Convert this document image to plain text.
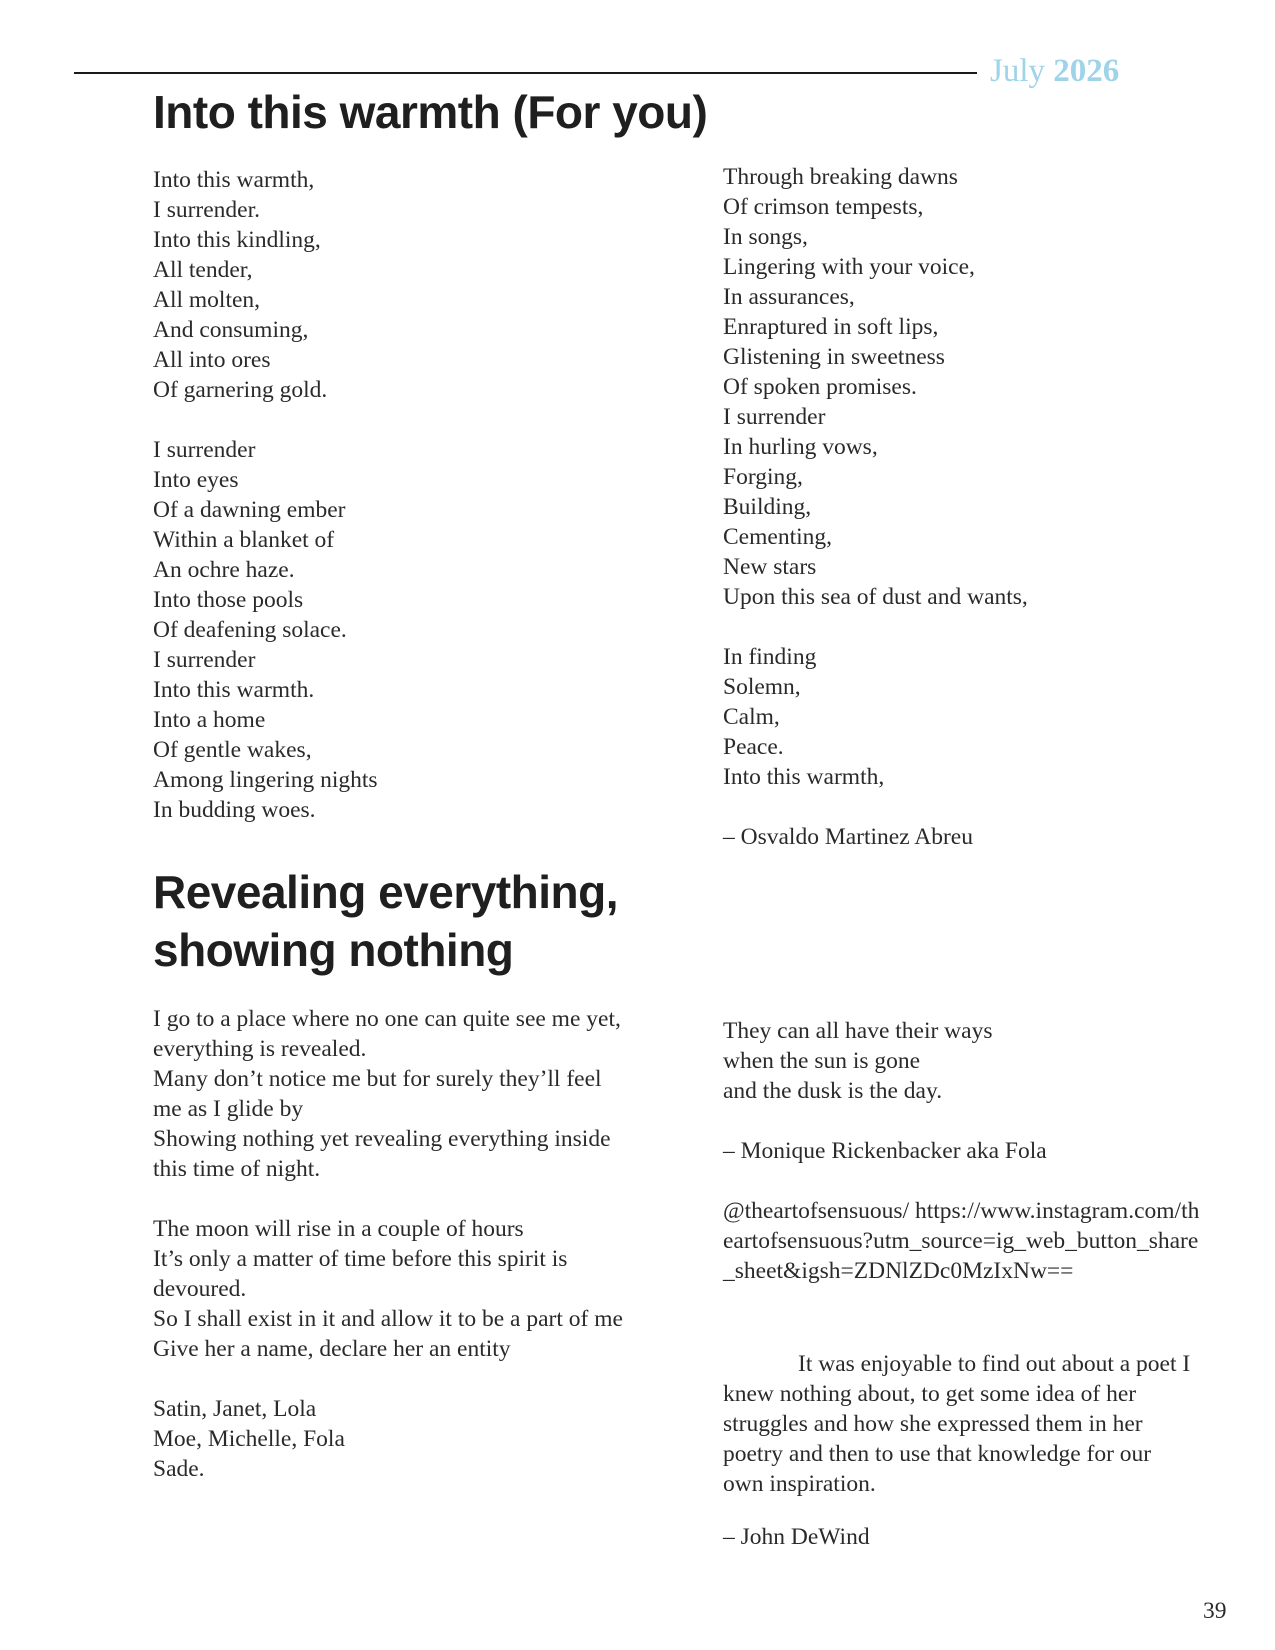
July 2026
Into this warmth (For you)
Into this warmth,
I surrender.
Into this kindling,
All tender,
All molten,
And consuming,
All into ores
Of garnering gold.
I surrender
Into eyes
Of a dawning ember
Within a blanket of
An ochre haze.
Into those pools
Of deafening solace.
I surrender
Into this warmth.
Into a home
Of gentle wakes,
Among lingering nights
In budding woes.
Through breaking dawns
Of crimson tempests,
In songs,
Lingering with your voice,
In assurances,
Enraptured in soft lips,
Glistening in sweetness
Of spoken promises.
I surrender
In hurling vows,
Forging,
Building,
Cementing,
New stars
Upon this sea of dust and wants,
In finding
Solemn,
Calm,
Peace.
Into this warmth,
– Osvaldo Martinez Abreu
Revealing everything, showing nothing
I go to a place where no one can quite see me yet,
everything is revealed.
Many don’t notice me but for surely they’ll feel me as I glide by
Showing nothing yet revealing everything inside
this time of night.
The moon will rise in a couple of hours
It’s only a matter of time before this spirit is devoured.
So I shall exist in it and allow it to be a part of me
Give her a name, declare her an entity
Satin, Janet, Lola
Moe, Michelle, Fola
Sade.
They can all have their ways
when the sun is gone
and the dusk is the day.
– Monique Rickenbacker aka Fola
@theartofsensuous/ https://www.instagram.com/theartofsensuous?utm_source=ig_web_button_share_sheet&igsh=ZDNlZDc0MzIxNw==

It was enjoyable to find out about a poet I knew nothing about, to get some idea of her struggles and how she expressed them in her poetry and then to use that knowledge for our own inspiration.

– John DeWind
39
